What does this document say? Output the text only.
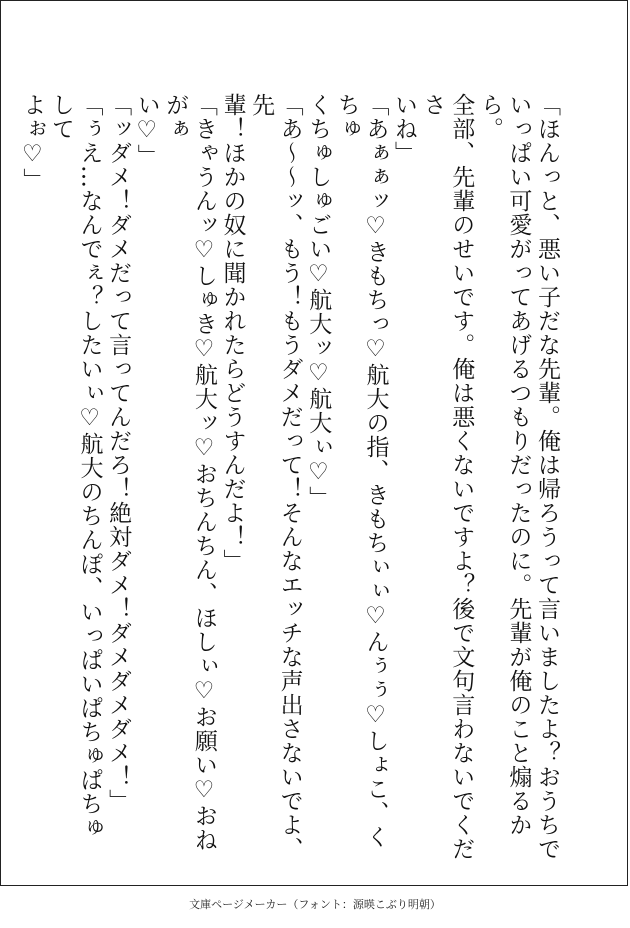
「ほんっと、悪い子だな先輩。俺は帰ろうって言いましたよ？おうちで

いっぱい可愛がってあげるつもりだったのに。先輩が俺のこと煽るから。

全部、先輩のせいです。俺は悪くないですよ？後で文句言わないでくださ

いね」

「あぁぁッ♡きもちっ♡航大の指、きもちぃぃ♡んぅぅ♡しょこ、くちゅ

くちゅしゅごい♡航大ッ♡航大ぃ♡」

「あ〜〜ッ、もう！もうダメだって！そんなエッチな声出さないでよ、先

輩！ほかの奴に聞かれたらどうすんだよ！」

「きゃうんッ♡しゅき♡航大ッ♡おちんちん、ほしぃ♡お願い♡おねがぁ

い♡」

「ッダメ！ダメだって言ってんだろ！絶対ダメ！ダメダメダメ！」

「ぅえ…なんでぇ？したいぃ♡航大のちんぽ、いっぱいぱちゅぱちゅして

よぉ♡」

文庫ページメーカー（フォント：源暎こぶり明朝）
